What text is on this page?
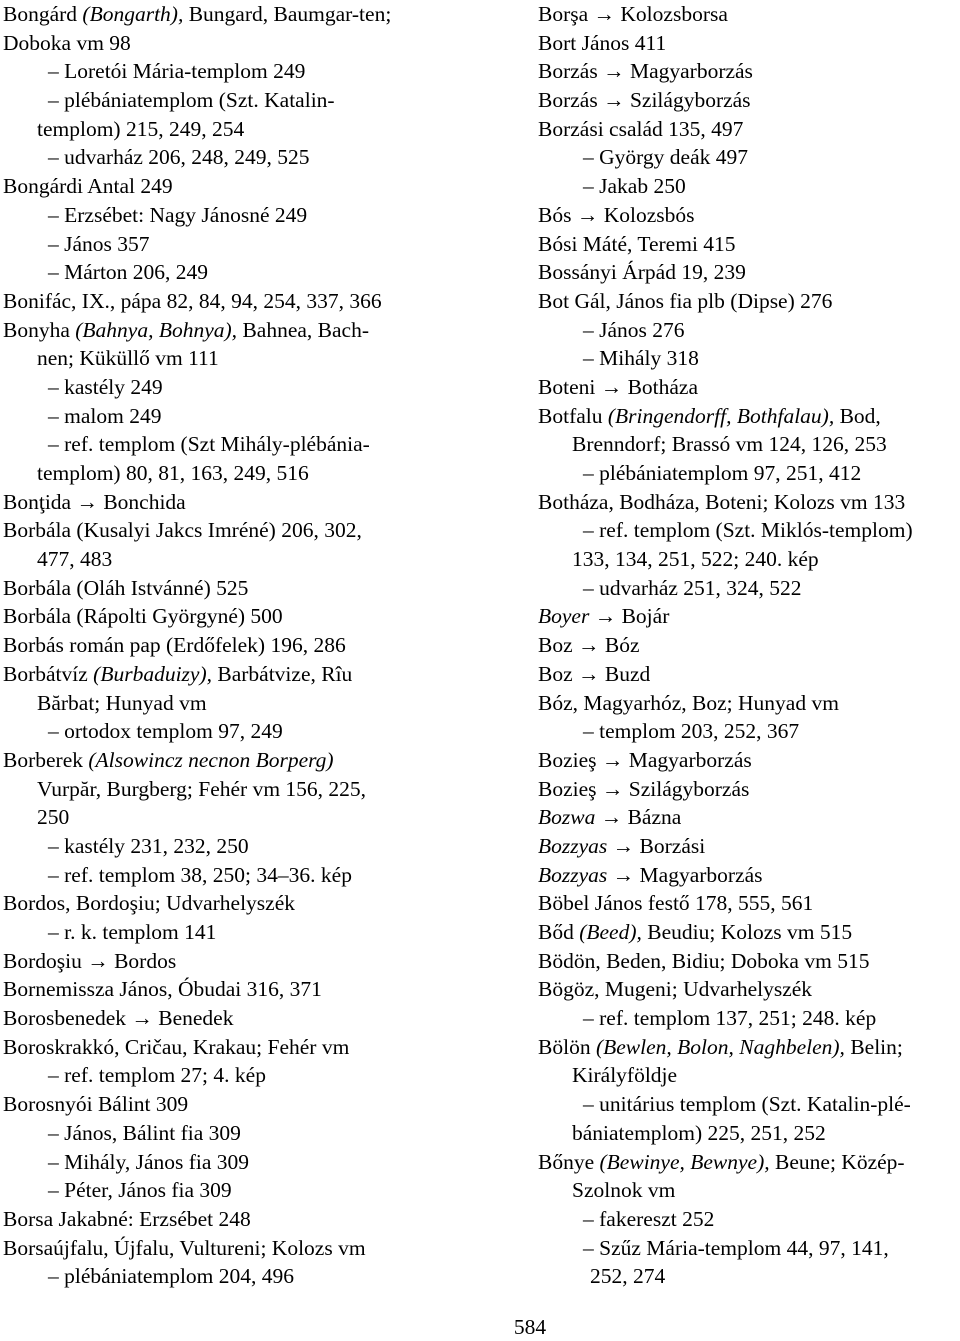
Bongárd (Bongarth), Bungard, Baumgar-ten;
Doboka vm 98
– Loretói Mária-templom 249
– plébániatemplom (Szt. Katalin-
templom) 215, 249, 254
– udvarház 206, 248, 249, 525
Bongárdi Antal 249
– Erzsébet: Nagy Jánosné 249
– János 357
– Márton 206, 249
Bonifác, IX., pápa 82, 84, 94, 254, 337, 366
Bonyha (Bahnya, Bohnya), Bahnea, Bach-
nen; Küküllő vm 111
– kastély 249
– malom 249
– ref. templom (Szt Mihály-plébánia-
templom) 80, 81, 163, 249, 516
Bonţida → Bonchida
Borbála (Kusalyi Jakcs Imréné) 206, 302,
477, 483
Borbála (Oláh Istvánné) 525
Borbála (Rápolti Györgyné) 500
Borbás román pap (Erdőfelek) 196, 286
Borbátvíz (Burbaduizy), Barbátvize, Rîu
Bărbat; Hunyad vm
– ortodox templom 97, 249
Borberek (Alsowincz necnon Borperg)
Vurpăr, Burgberg; Fehér vm 156, 225,
250
– kastély 231, 232, 250
– ref. templom 38, 250; 34–36. kép
Bordos, Bordoşiu; Udvarhelyszék
– r. k. templom 141
Bordoşiu → Bordos
Bornemissza János, Óbudai 316, 371
Borosbenedek → Benedek
Boroskrakkó, Cričau, Krakau; Fehér vm
– ref. templom 27; 4. kép
Borosnyói Bálint 309
– János, Bálint fia 309
– Mihály, János fia 309
– Péter, János fia 309
Borsa Jakabné: Erzsébet 248
Borsaújfalu, Újfalu, Vultureni; Kolozs vm
– plébániatemplom 204, 496
Borşa → Kolozsborsa
Bort János 411
Borzás → Magyarborzás
Borzás → Szilágyborzás
Borzási család 135, 497
– György deák 497
– Jakab 250
Bós → Kolozsbós
Bósi Máté, Teremi 415
Bossányi Árpád 19, 239
Bot Gál, János fia plb (Dipse) 276
– János 276
– Mihály 318
Boteni → Botháza
Botfalu (Bringendorff, Bothfalau), Bod,
Brenndorf; Brassó vm 124, 126, 253
– plébániatemplom 97, 251, 412
Botháza, Bodháza, Boteni; Kolozs vm 133
– ref. templom (Szt. Miklós-templom)
133, 134, 251, 522; 240. kép
– udvarház 251, 324, 522
Boyer → Bojár
Boz → Bóz
Boz → Buzd
Bóz, Magyarhóz, Boz; Hunyad vm
– templom 203, 252, 367
Bozieş → Magyarborzás
Bozieş → Szilágyborzás
Bozwa → Bázna
Bozzyas → Borzási
Bozzyas → Magyarborzás
Böbel János festő 178, 555, 561
Bőd (Beed), Beudiu; Kolozs vm 515
Bödön, Beden, Bidiu; Doboka vm 515
Bögöz, Mugeni; Udvarhelyszék
– ref. templom 137, 251; 248. kép
Bölön (Bewlen, Bolon, Naghbelen), Belin;
Királyföldje
– unitárius templom (Szt. Katalin-plé-
bániatemplom) 225, 251, 252
Bőnye (Bewinye, Bewnye), Beune; Közép-
Szolnok vm
– fakereszt 252
– Szűz Mária-templom 44, 97, 141,
252, 274
584
